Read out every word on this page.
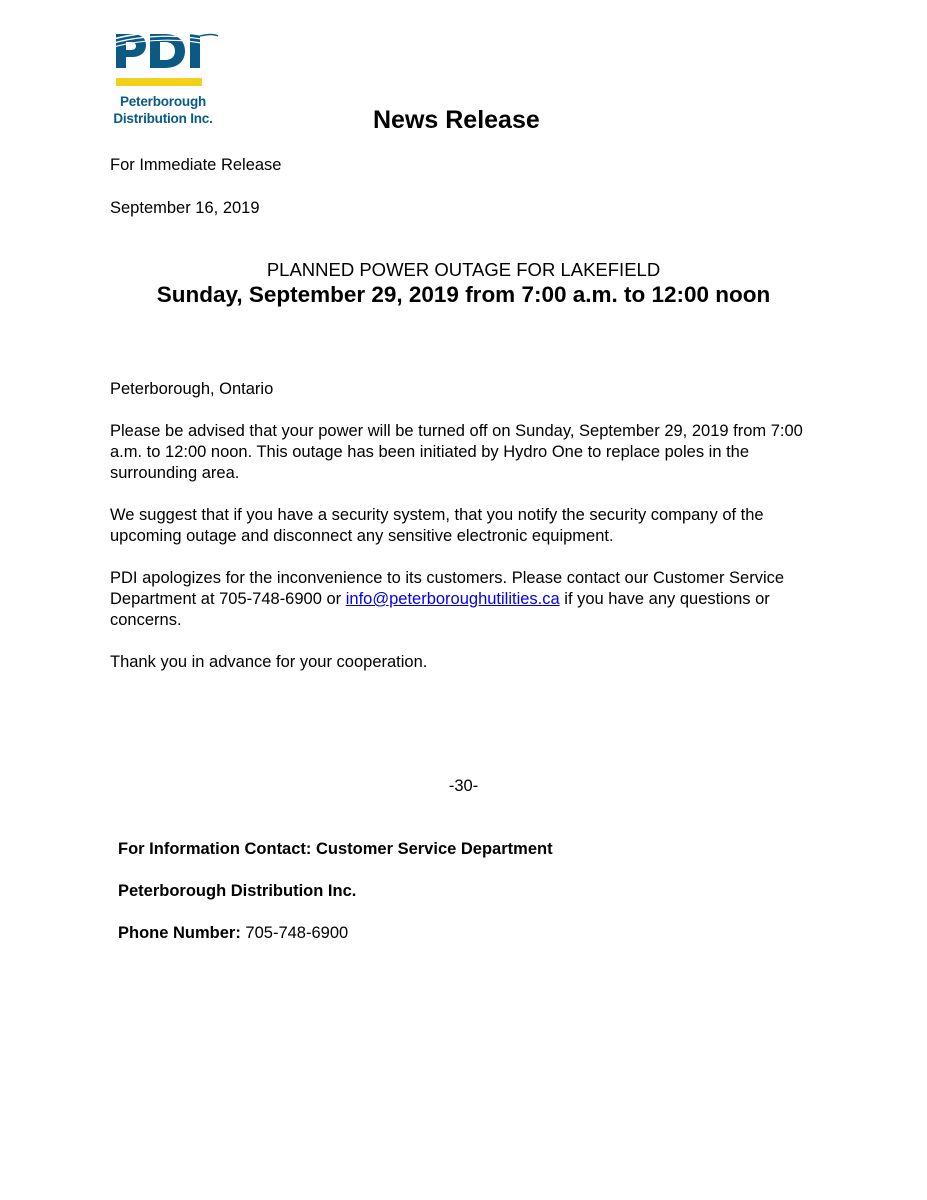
Peterborough
Distribution Inc.	News Release
For Immediate Release
September 16, 2019
PLANNED POWER OUTAGE FOR LAKEFIELD
Sunday, September 29, 2019 from 7:00 a.m. to 12:00 noon
Peterborough, Ontario

Please be advised that your power will be turned off on Sunday, September 29, 2019 from 7:00 a.m. to 12:00 noon. This outage has been initiated by Hydro One to replace poles in the surrounding area.

We suggest that if you have a security system, that you notify the security company of the upcoming outage and disconnect any sensitive electronic equipment.

PDI apologizes for the inconvenience to its customers. Please contact our Customer Service Department at 705-748-6900 or info@peterboroughutilities.ca if you have any questions or concerns.

Thank you in advance for your cooperation.
-30-
For Information Contact: Customer Service Department
Peterborough Distribution Inc.
Phone Number: 705-748-6900
